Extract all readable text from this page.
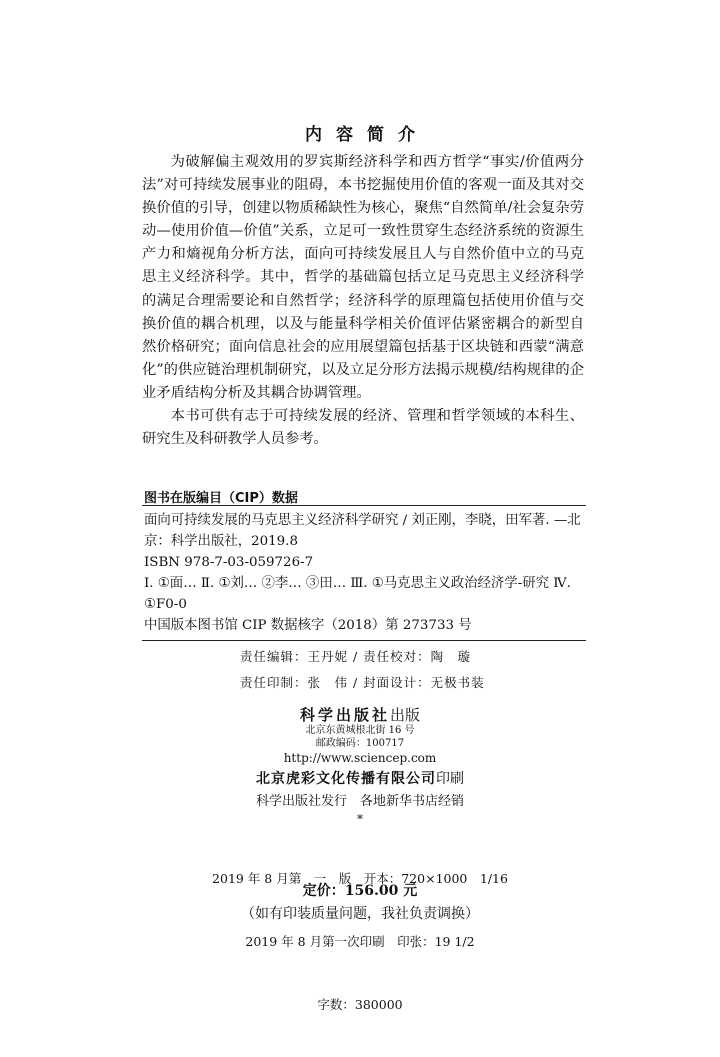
内容简介

为破解偏主观效用的罗宾斯经济科学和西方哲学“事实/价值两分法”对可持续发展事业的阻碍，本书挖掘使用价值的客观一面及其对交换价值的引导，创建以物质稀缺性为核心，聚焦“自然简单/社会复杂劳动—使用价值—价值”关系，立足可一致性贯穿生态经济系统的资源生产力和熵视角分析方法，面向可持续发展且人与自然价值中立的马克思主义经济科学。其中，哲学的基础篇包括立足马克思主义经济科学的满足合理需要论和自然哲学；经济科学的原理篇包括使用价值与交换价值的耦合机理，以及与能量科学相关价值评估紧密耦合的新型自然价格研究；面向信息社会的应用展望篇包括基于区块链和西蒙“满意化”的供应链治理机制研究，以及立足分形方法揭示规模/结构规律的企业矛盾结构分析及其耦合协调管理。

本书可供有志于可持续发展的经济、管理和哲学领域的本科生、研究生及科研教学人员参考。

图书在版编目（CIP）数据
面向可持续发展的马克思主义经济科学研究 / 刘正刚，李晓，田军著. —北京：科学出版社，2019.8
ISBN 978-7-03-059726-7
Ⅰ. ①面… Ⅱ. ①刘… ②李… ③田… Ⅲ. ①马克思主义政治经济学-研究 Ⅳ. ①F0-0
中国版本图书馆 CIP 数据核字（2018）第 273733 号
责任编辑：王丹妮 / 责任校对：陶　璇
责任印制：张　伟 / 封面设计：无极书装
科学出版社出版
北京东黄城根北街 16 号
邮政编码：100717
http://www.sciencep.com
北京虎彩文化传播有限公司印刷
科学出版社发行　各地新华书店经销
*

2019 年 8 月第　一　版　开本：720×1000　1/16

2019 年 8 月第一次印刷　印张：19 1/2

字数：380000

定价：156.00 元
（如有印装质量问题，我社负责调换）
